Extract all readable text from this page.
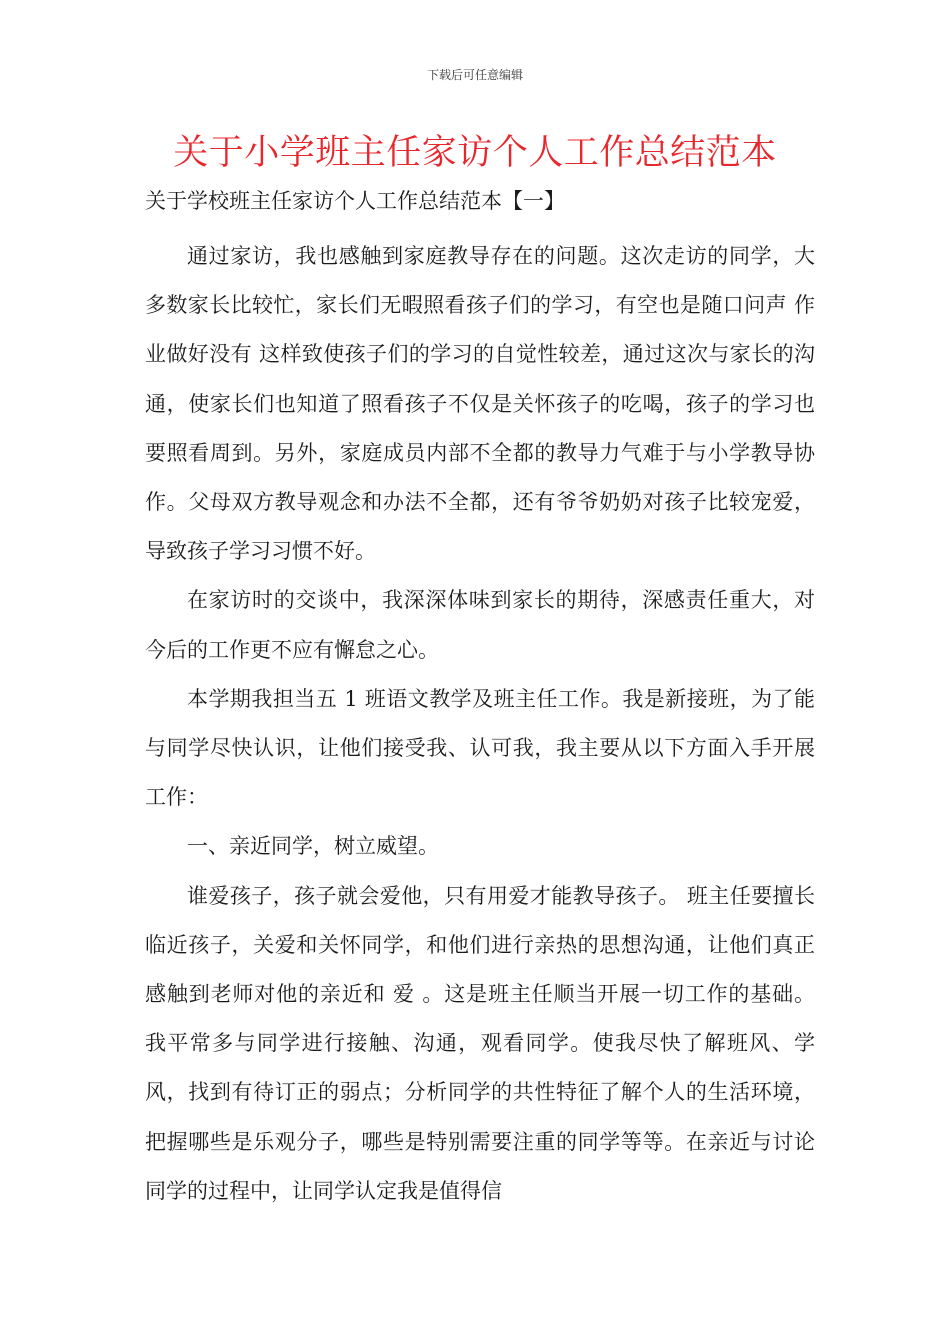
下载后可任意编辑
关于小学班主任家访个人工作总结范本
关于学校班主任家访个人工作总结范本【一】

通过家访，我也感触到家庭教导存在的问题。这次走访的同学，大多数家长比较忙，家长们无暇照看孩子们的学习，有空也是随口问声 作业做好没有 这样致使孩子们的学习的自觉性较差，通过这次与家长的沟通，使家长们也知道了照看孩子不仅是关怀孩子的吃喝，孩子的学习也要照看周到。另外，家庭成员内部不全都的教导力气难于与小学教导协作。父母双方教导观念和办法不全都，还有爷爷奶奶对孩子比较宠爱，导致孩子学习习惯不好。

在家访时的交谈中，我深深体味到家长的期待，深感责任重大，对今后的工作更不应有懈怠之心。

本学期我担当五 1 班语文教学及班主任工作。我是新接班，为了能与同学尽快认识，让他们接受我、认可我，我主要从以下方面入手开展工作：

一、亲近同学，树立威望。

谁爱孩子，孩子就会爱他，只有用爱才能教导孩子。 班主任要擅长临近孩子，关爱和关怀同学，和他们进行亲热的思想沟通，让他们真正感触到老师对他的亲近和 爱 。这是班主任顺当开展一切工作的基础。 我平常多与同学进行接触、沟通，观看同学。使我尽快了解班风、学风，找到有待订正的弱点；分析同学的共性特征了解个人的生活环境，把握哪些是乐观分子，哪些是特别需要注重的同学等等。在亲近与讨论同学的过程中，让同学认定我是值得信
